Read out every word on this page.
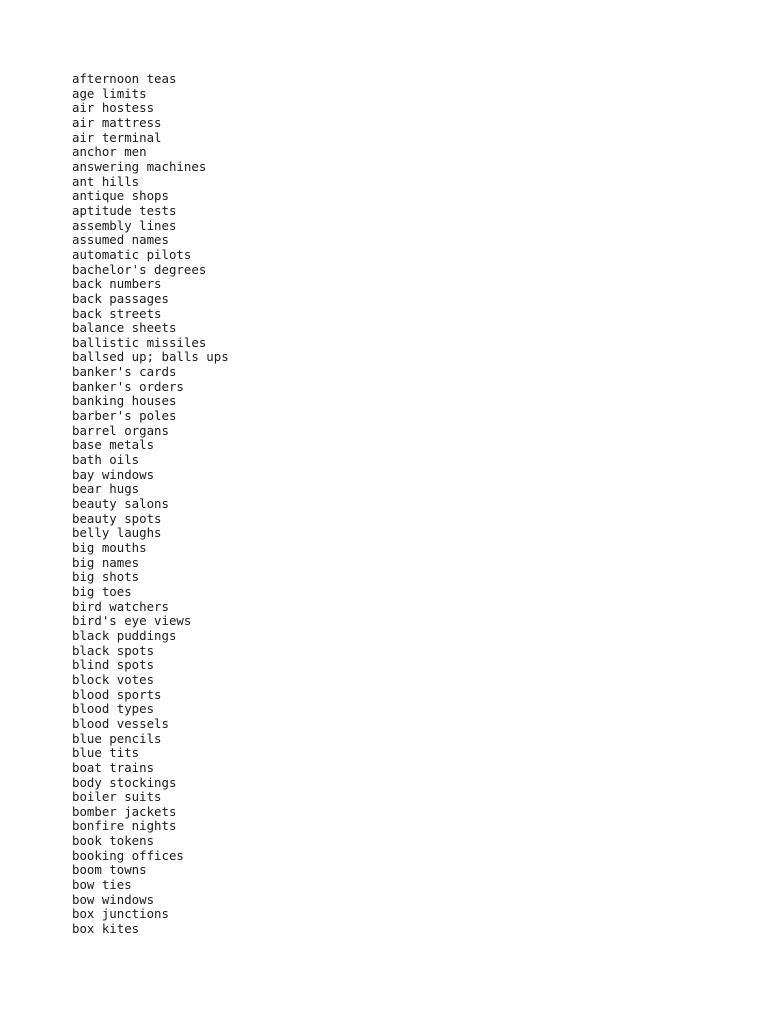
afternoon teas
age limits
air hostess
air mattress
air terminal
anchor men
answering machines
ant hills
antique shops
aptitude tests
assembly lines
assumed names
automatic pilots
bachelor's degrees
back numbers
back passages
back streets
balance sheets
ballistic missiles
ballsed up; balls ups
banker's cards
banker's orders
banking houses
barber's poles
barrel organs
base metals
bath oils
bay windows
bear hugs
beauty salons
beauty spots
belly laughs
big mouths
big names
big shots
big toes
bird watchers
bird's eye views
black puddings
black spots
blind spots
block votes
blood sports
blood types
blood vessels
blue pencils
blue tits
boat trains
body stockings
boiler suits
bomber jackets
bonfire nights
book tokens
booking offices
boom towns
bow ties
bow windows
box junctions
box kites
